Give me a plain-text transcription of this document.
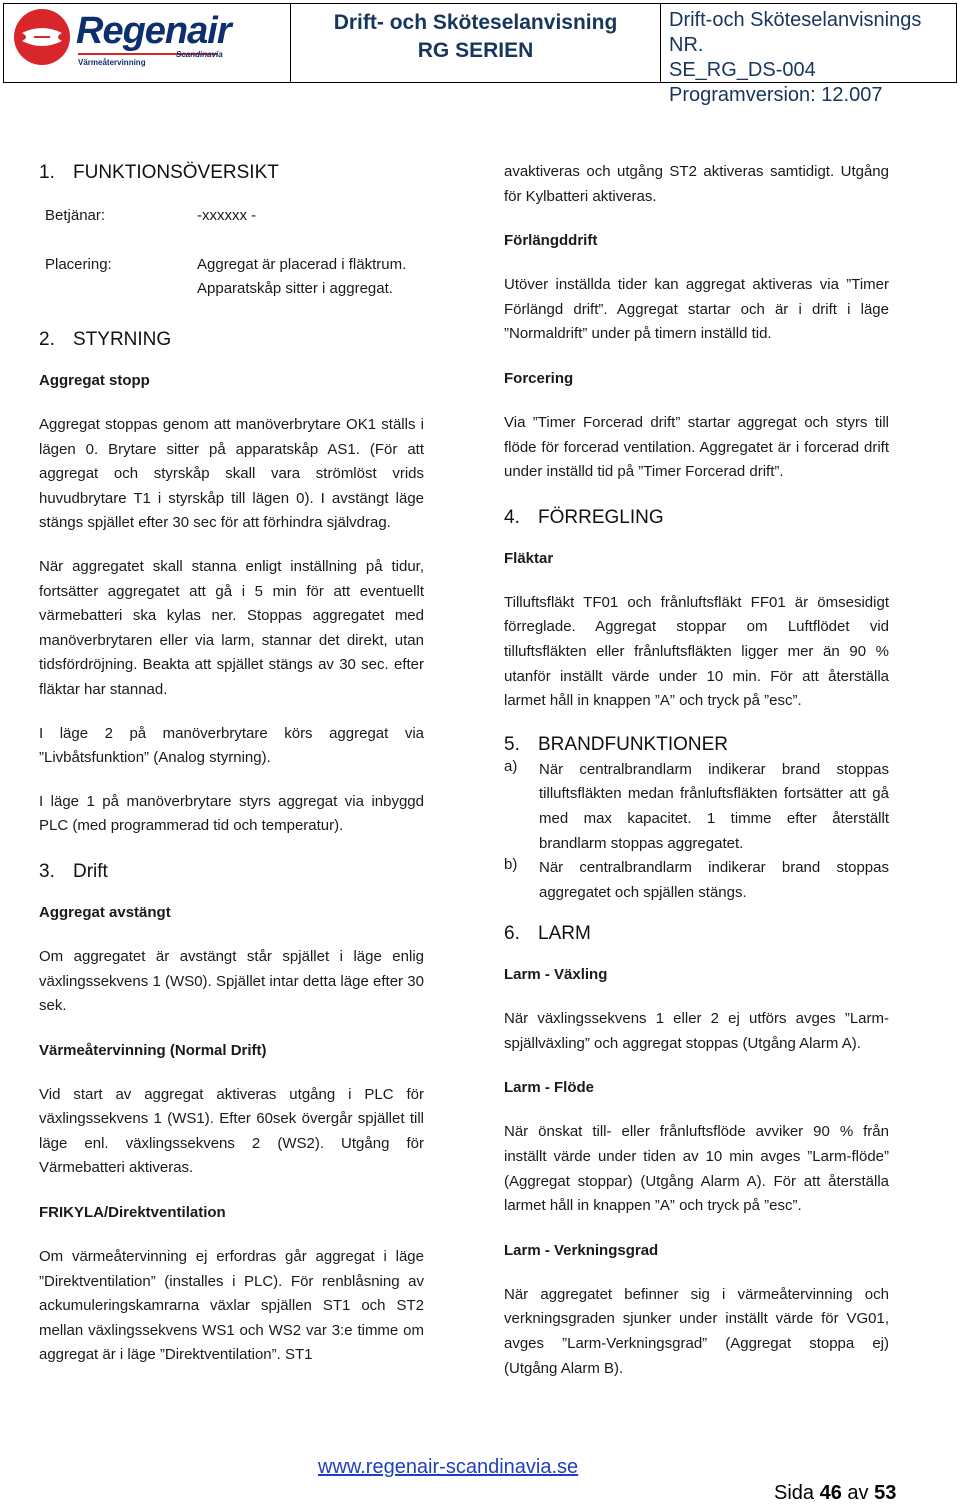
Regenair
Scandinavia
Värmeåtervinning
Drift- och Sköteselanvisning
RG SERIEN
Drift-och Sköteselanvisnings NR.
SE_RG_DS-004
Programversion: 12.007
1. FUNKTIONSÖVERSIKT
Betjänar:	-xxxxxx -
Placering:	Aggregat är placerad i fläktrum.
Apparatskåp sitter i aggregat.
2. STYRNING
Aggregat stopp

Aggregat stoppas genom att manöverbrytare OK1 ställs i lägen 0. Brytare sitter på apparatskåp AS1. (För att aggregat och styrskåp skall vara strömlöst vrids huvudbrytare T1 i styrskåp till lägen 0). I avstängt läge stängs spjället efter 30 sec för att förhindra självdrag.

När aggregatet skall stanna enligt inställning på tidur, fortsätter aggregatet att gå i 5 min för att eventuellt värmebatteri ska kylas ner. Stoppas aggregatet med manöverbrytaren eller via larm, stannar det direkt, utan tidsfördröjning. Beakta att spjället stängs av 30 sec. efter fläktar har stannad.

I läge 2 på manöverbrytare körs aggregat via ”Livbåtsfunktion” (Analog styrning).

I läge 1 på manöverbrytare styrs aggregat via inbyggd PLC (med programmerad tid och temperatur).

3. Drift
Aggregat avstängt

Om aggregatet är avstängt står spjället i läge enlig växlingssekvens 1 (WS0). Spjället intar detta läge efter 30 sek.

Värmeåtervinning (Normal Drift)

Vid start av aggregat aktiveras utgång i PLC för växlingssekvens 1 (WS1). Efter 60sek övergår spjället till läge enl. växlingssekvens 2 (WS2). Utgång för Värmebatteri aktiveras.

FRIKYLA/Direktventilation

Om värmeåtervinning ej erfordras går aggregat i läge ”Direktventilation” (installes i PLC). För renblåsning av ackumuleringskamrarna växlar spjällen ST1 och ST2 mellan växlingssekvens WS1 och WS2 var 3:e timme om aggregat är i läge ”Direktventilation”. ST1

avaktiveras och utgång ST2 aktiveras samtidigt. Utgång för Kylbatteri aktiveras.

Förlängddrift

Utöver inställda tider kan aggregat aktiveras via ”Timer Förlängd drift”. Aggregat startar och är i drift i läge ”Normaldrift” under på timern inställd tid.

Forcering

Via ”Timer Forcerad drift” startar aggregat och styrs till flöde för forcerad ventilation. Aggregatet är i forcerad drift under inställd tid på ”Timer Forcerad drift”.

4. FÖRREGLING
Fläktar

Tilluftsfläkt TF01 och frånluftsfläkt FF01 är ömsesidigt förreglade. Aggregat stoppar om Luftflödet vid tilluftsfläkten eller frånluftsfläkten ligger mer än 90 % utanför inställt värde under 10 min. För att återställa larmet håll in knappen ”A” och tryck på ”esc”.

5. BRANDFUNKTIONER
a)	När centralbrandlarm indikerar brand stoppas tilluftsfläkten medan frånluftsfläkten fortsätter att gå med max kapacitet. 1 timme efter återställt brandlarm stoppas aggregatet.

b)	När centralbrandlarm indikerar brand stoppas aggregatet och spjällen stängs.

6. LARM
Larm - Växling

När växlingssekvens 1 eller 2 ej utförs avges ”Larm-spjällväxling” och aggregat stoppas (Utgång Alarm A).

Larm - Flöde

När önskat till- eller frånluftsflöde avviker 90 % från inställt värde under tiden av 10 min avges ”Larm-flöde” (Aggregat stoppar) (Utgång Alarm A). För att återställa larmet håll in knappen ”A” och tryck på ”esc”.

Larm - Verkningsgrad

När aggregatet befinner sig i värmeåtervinning och verkningsgraden sjunker under inställt värde för VG01, avges ”Larm-Verkningsgrad” (Aggregat stoppa ej) (Utgång Alarm B).

www.regenair-scandinavia.se
Sida 46 av 53
